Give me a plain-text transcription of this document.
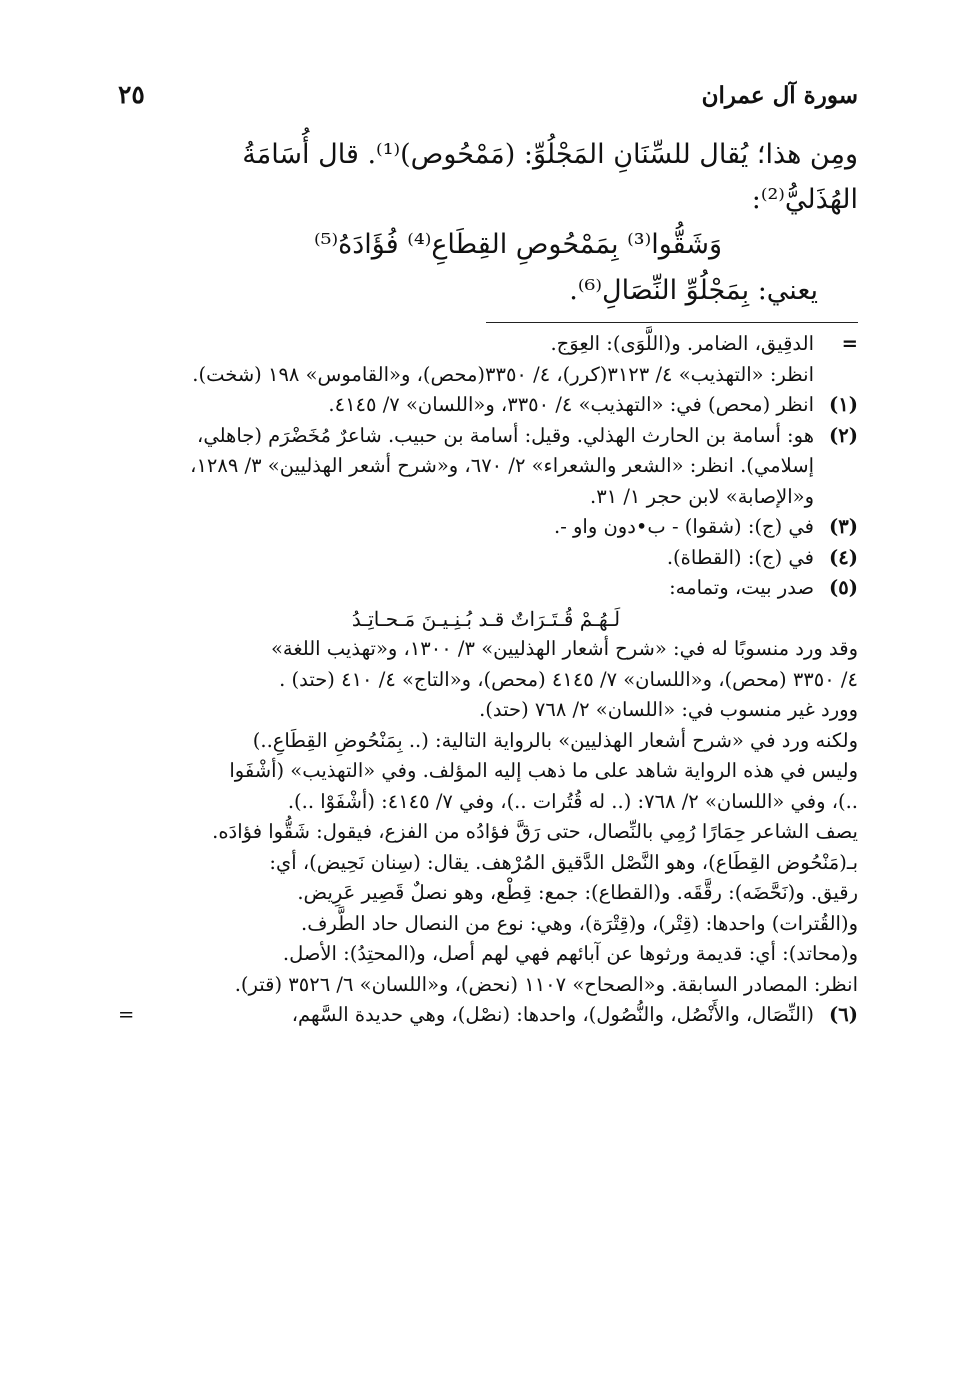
سورة آل عمران
٢٥
ومِن هذا؛ يُقال للسِّنَانِ المَجْلُوِّ: (مَمْحُوص)⁽¹⁾. قال أُسَامَةُ
الهُذَليُّ⁽²⁾:
وَشَقُّوا⁽³⁾ بِمَمْحُوصِ القِطَاعِ⁽⁴⁾ فُؤَادَهُ⁽⁵⁾
يعني: بِمَجْلُوِّ النِّصَالِ⁽⁶⁾.
=
الدقِيق، الضامر. و(اللَّوَى): العِوَج.
انظر: «التهذيب» ٤/ ٣١٢٣(كرر)، ٤/ ٣٣٥٠(محص)، و«القاموس» ١٩٨ (شخت).
(١)
انظر (محص) في: «التهذيب» ٤/ ٣٣٥٠، و«اللسان» ٧/ ٤١٤٥.
(٢)
هو: أسامة بن الحارث الهذلي. وقيل: أسامة بن حبيب. شاعرٌ مُخَضْرَم (جاهلي،
إسلامي). انظر: «الشعر والشعراء» ٢/ ٦٧٠، و«شرح أشعر الهذليين» ٣/ ١٢٨٩،
و«الإصابة» لابن حجر ١/ ٣١.
(٣)
في (ج): (شقوا) - ب•دون واو -.
(٤)
في (ج): (القطاة).
(٥)
صدر بيت، وتمامه:
لَـهُـمْ قُـتَـرَاتٌ قـد بُـنِـيـنَ مَـحـاتِـدُ
وقد ورد منسوبًا له في: «شرح أشعار الهذليين» ٣/ ١٣٠٠، و«تهذيب اللغة»
٤/ ٣٣٥٠ (محص)، و«اللسان» ٧/ ٤١٤٥ (محص)، و«التاج» ٤/ ٤١٠ (حتد) .
وورد غير منسوب في: «اللسان» ٢/ ٧٦٨ (حتد).
ولكنه ورد في «شرح أشعار الهذليين» بالرواية التالية: (.. بِمَنْحُوضِ القِطَاعِ..)
وليس في هذه الرواية شاهد على ما ذهب إليه المؤلف. وفي «التهذيب» (أشْفَوا
..)، وفي «اللسان» ٢/ ٧٦٨: (.. له قُتُرات ..)، وفي ٧/ ٤١٤٥: (أشْفَوْا ..).
يصف الشاعر حِمَارًا رُمِي بالنِّصال، حتى رَقَّ فؤادُه من الفزع، فيقول: شَقُّوا فؤادَه.
بـ(مَنْحُوض القِطَاع)، وهو النَّصْل الدَّقيق المُرْهف. يقال: (سِنان نَحِيض)، أي:
رقيق. و(نَحَّضَه): رقَّقَه. و(القطاع): جمع: قِطْع، وهو نصلٌ قَصِير عَرِيض.
و(القُترات) واحدها: (قِتْر)، و(قِتْرَة)، وهي: نوع من النصال حاد الطَّرف.
و(محاتد): أي: قديمة ورثوها عن آبائهم فهي لهم أصل، و(المحتِدُ): الأصل.
انظر: المصادر السابقة. و«الصحاح» ١١٠٧ (نحض)، و«اللسان» ٦/ ٣٥٢٦ (قتر).
(٦)
(النِّصَال، والأَنْصُل، والنُّصُول)، واحدها: (نصْل)، وهي حديدة السَّهم،
=
